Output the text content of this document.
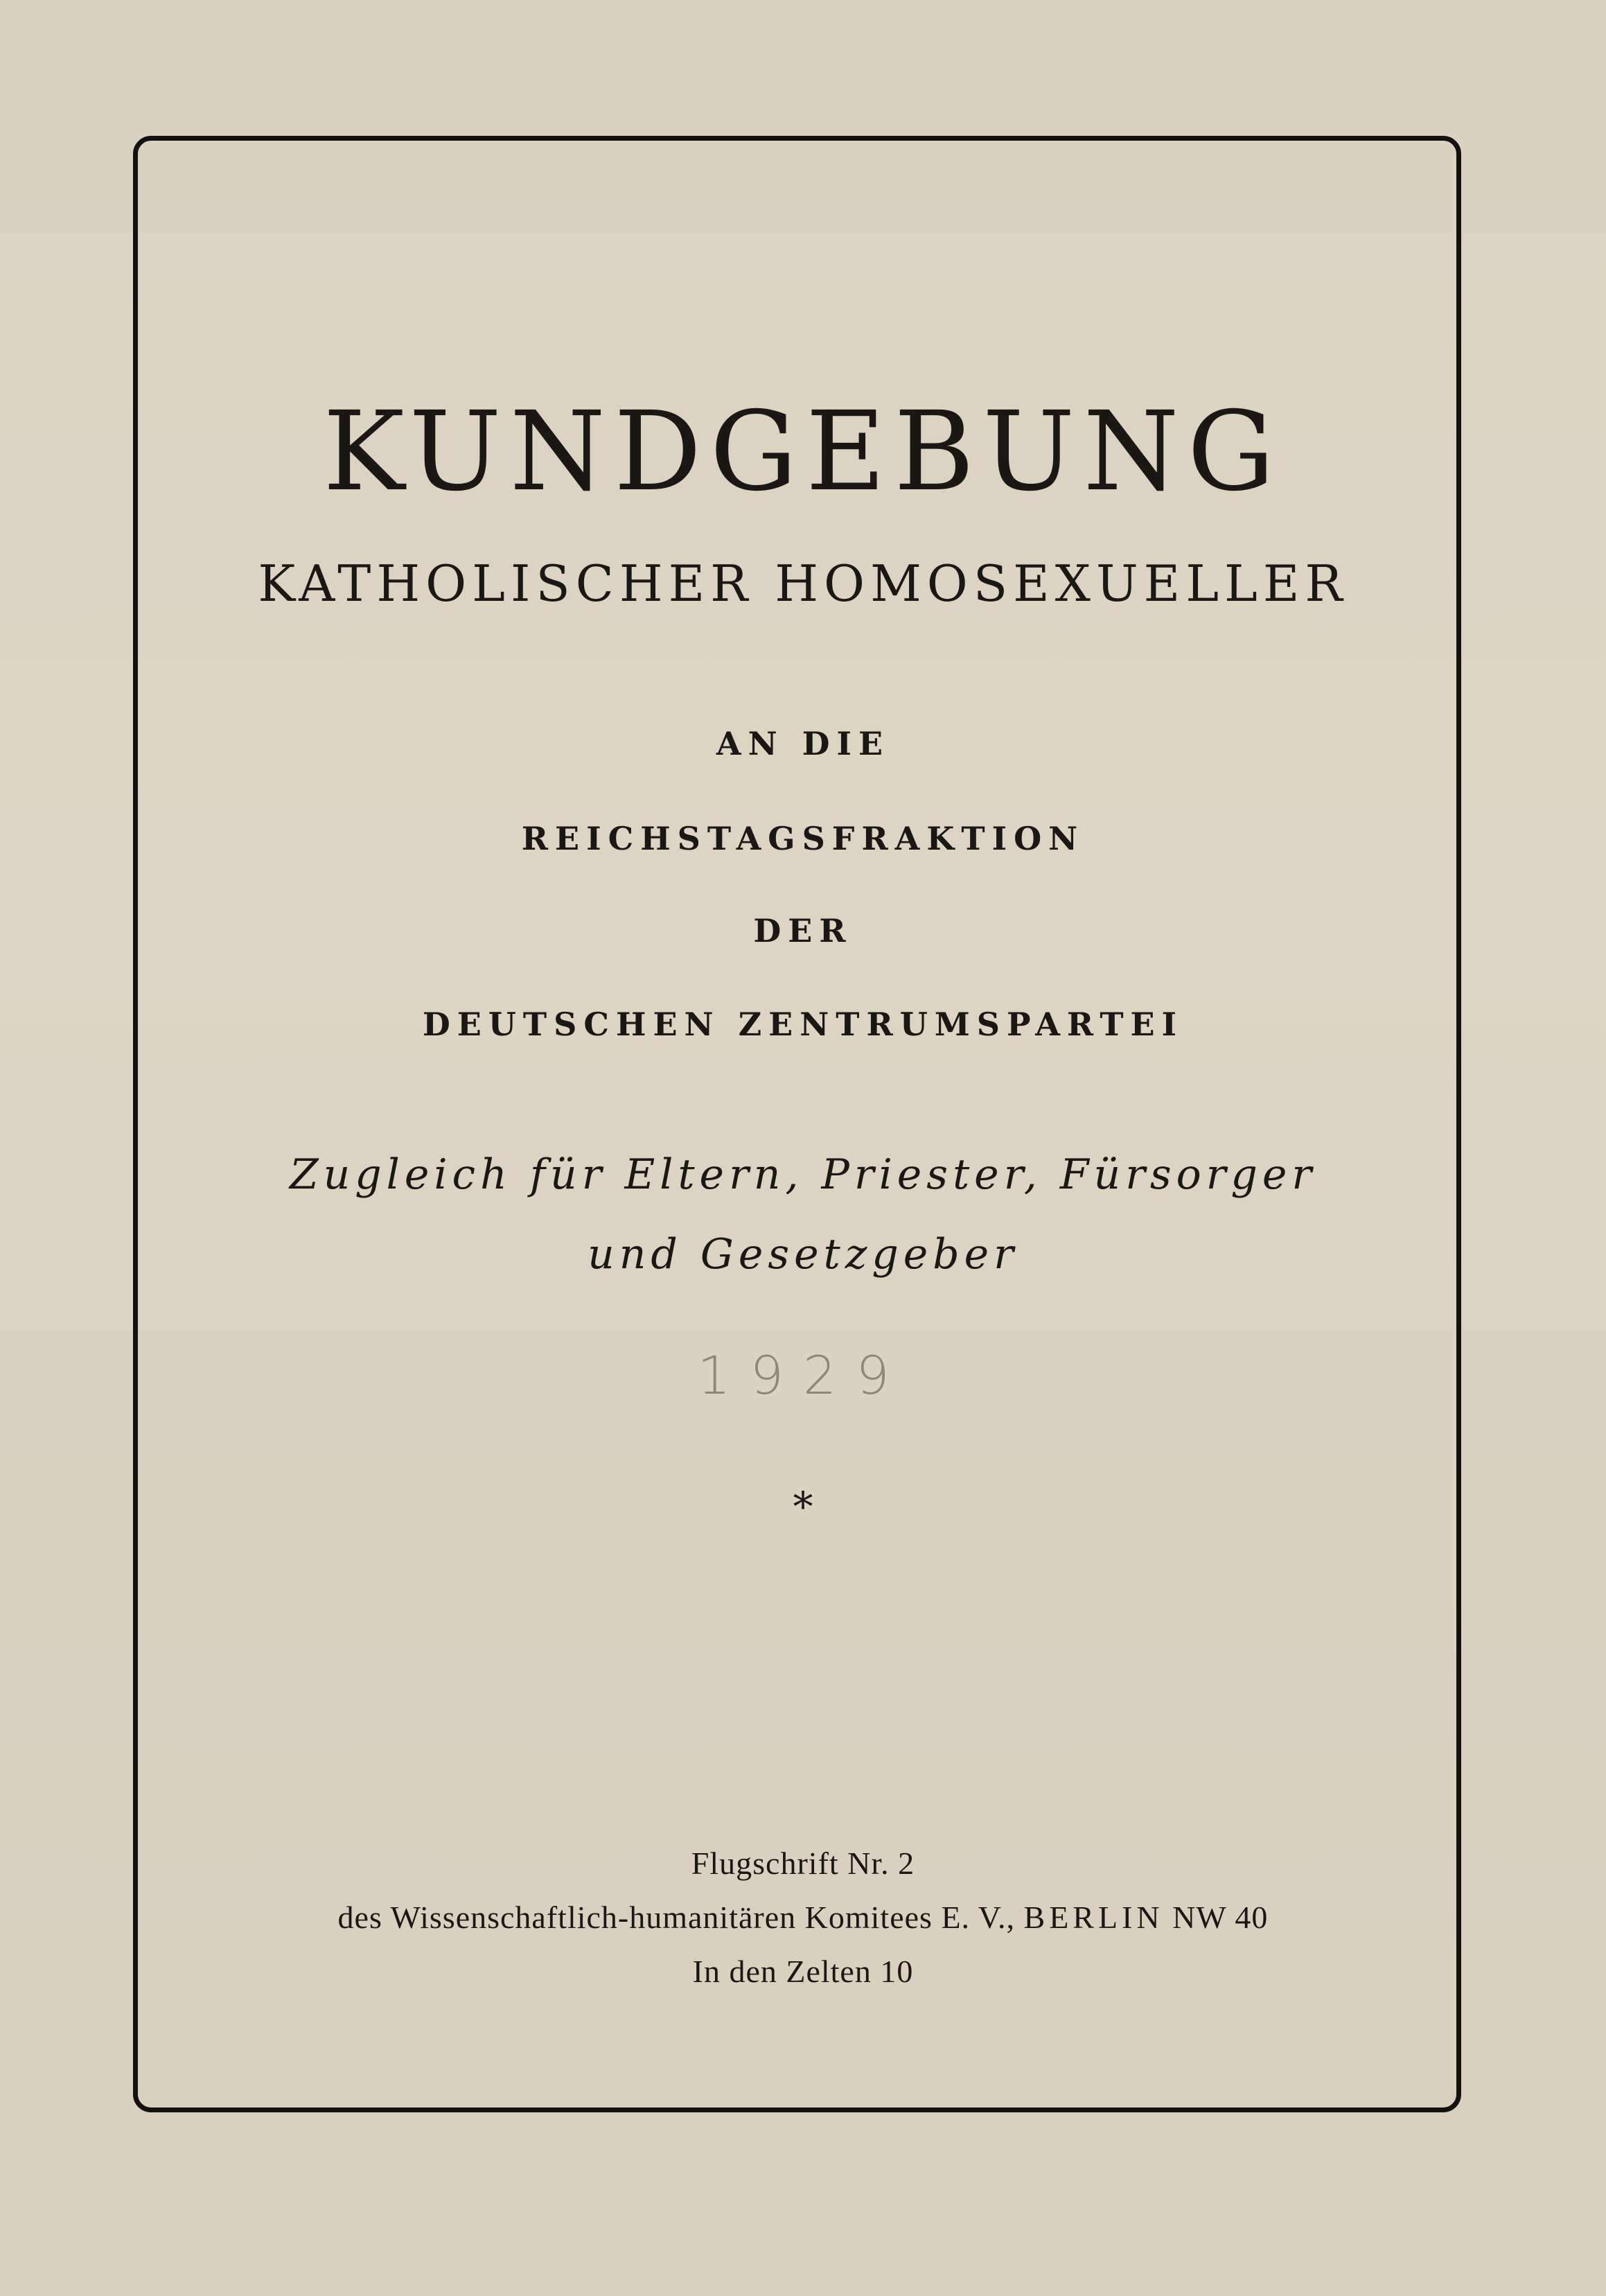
KUNDGEBUNG
KATHOLISCHER HOMOSEXUELLER
AN DIE
REICHSTAGSFRAKTION
DER
DEUTSCHEN ZENTRUMSPARTEI
Zugleich für Eltern, Priester, Fürsorger
und Gesetzgeber
1929
*
Flugschrift Nr. 2
des Wissenschaftlich-humanitären Komitees E. V., BERLIN NW 40
In den Zelten 10
